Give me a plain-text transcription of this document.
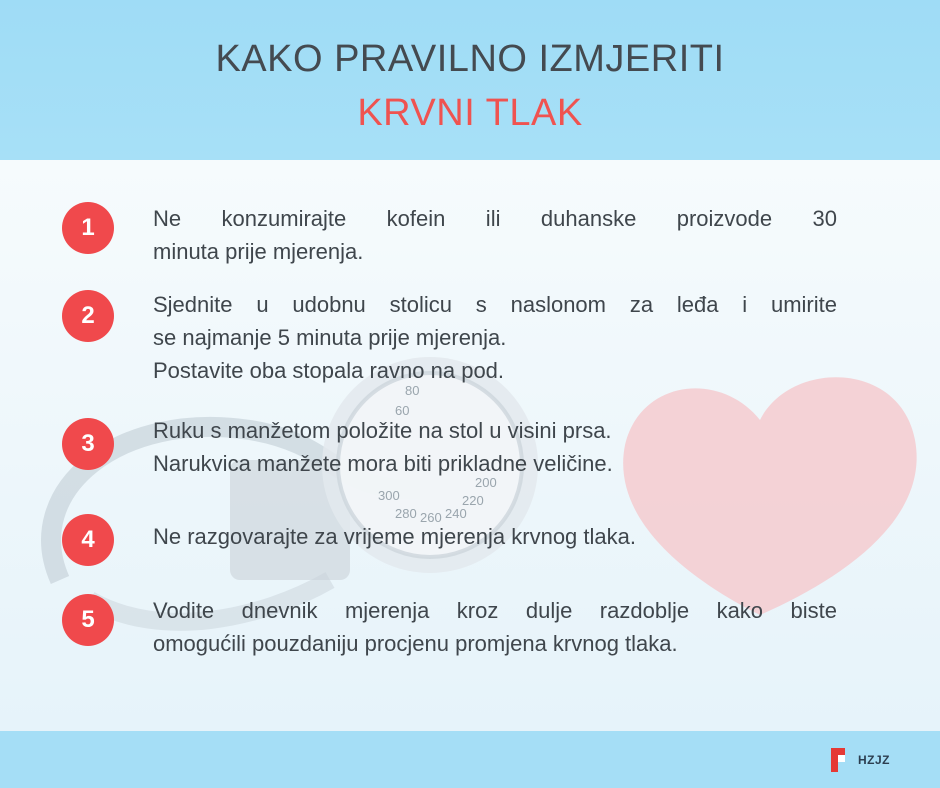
KAKO PRAVILNO IZMJERITI
KRVNI TLAK
60
80
300
280 260 240
220
200
1	Ne konzumirajte kofein ili duhanske proizvode 30
minuta prije mjerenja.
2	Sjednite u udobnu stolicu s naslonom za leđa i umirite
se najmanje 5 minuta prije mjerenja.
Postavite oba stopala ravno na pod.
3	Ruku s manžetom položite na stol u visini prsa.
Narukvica manžete mora biti prikladne veličine.
4	Ne razgovarajte za vrijeme mjerenja krvnog tlaka.
5	Vodite dnevnik mjerenja kroz dulje razdoblje kako biste
omogućili pouzdaniju procjenu promjena krvnog tlaka.
HZJZ
